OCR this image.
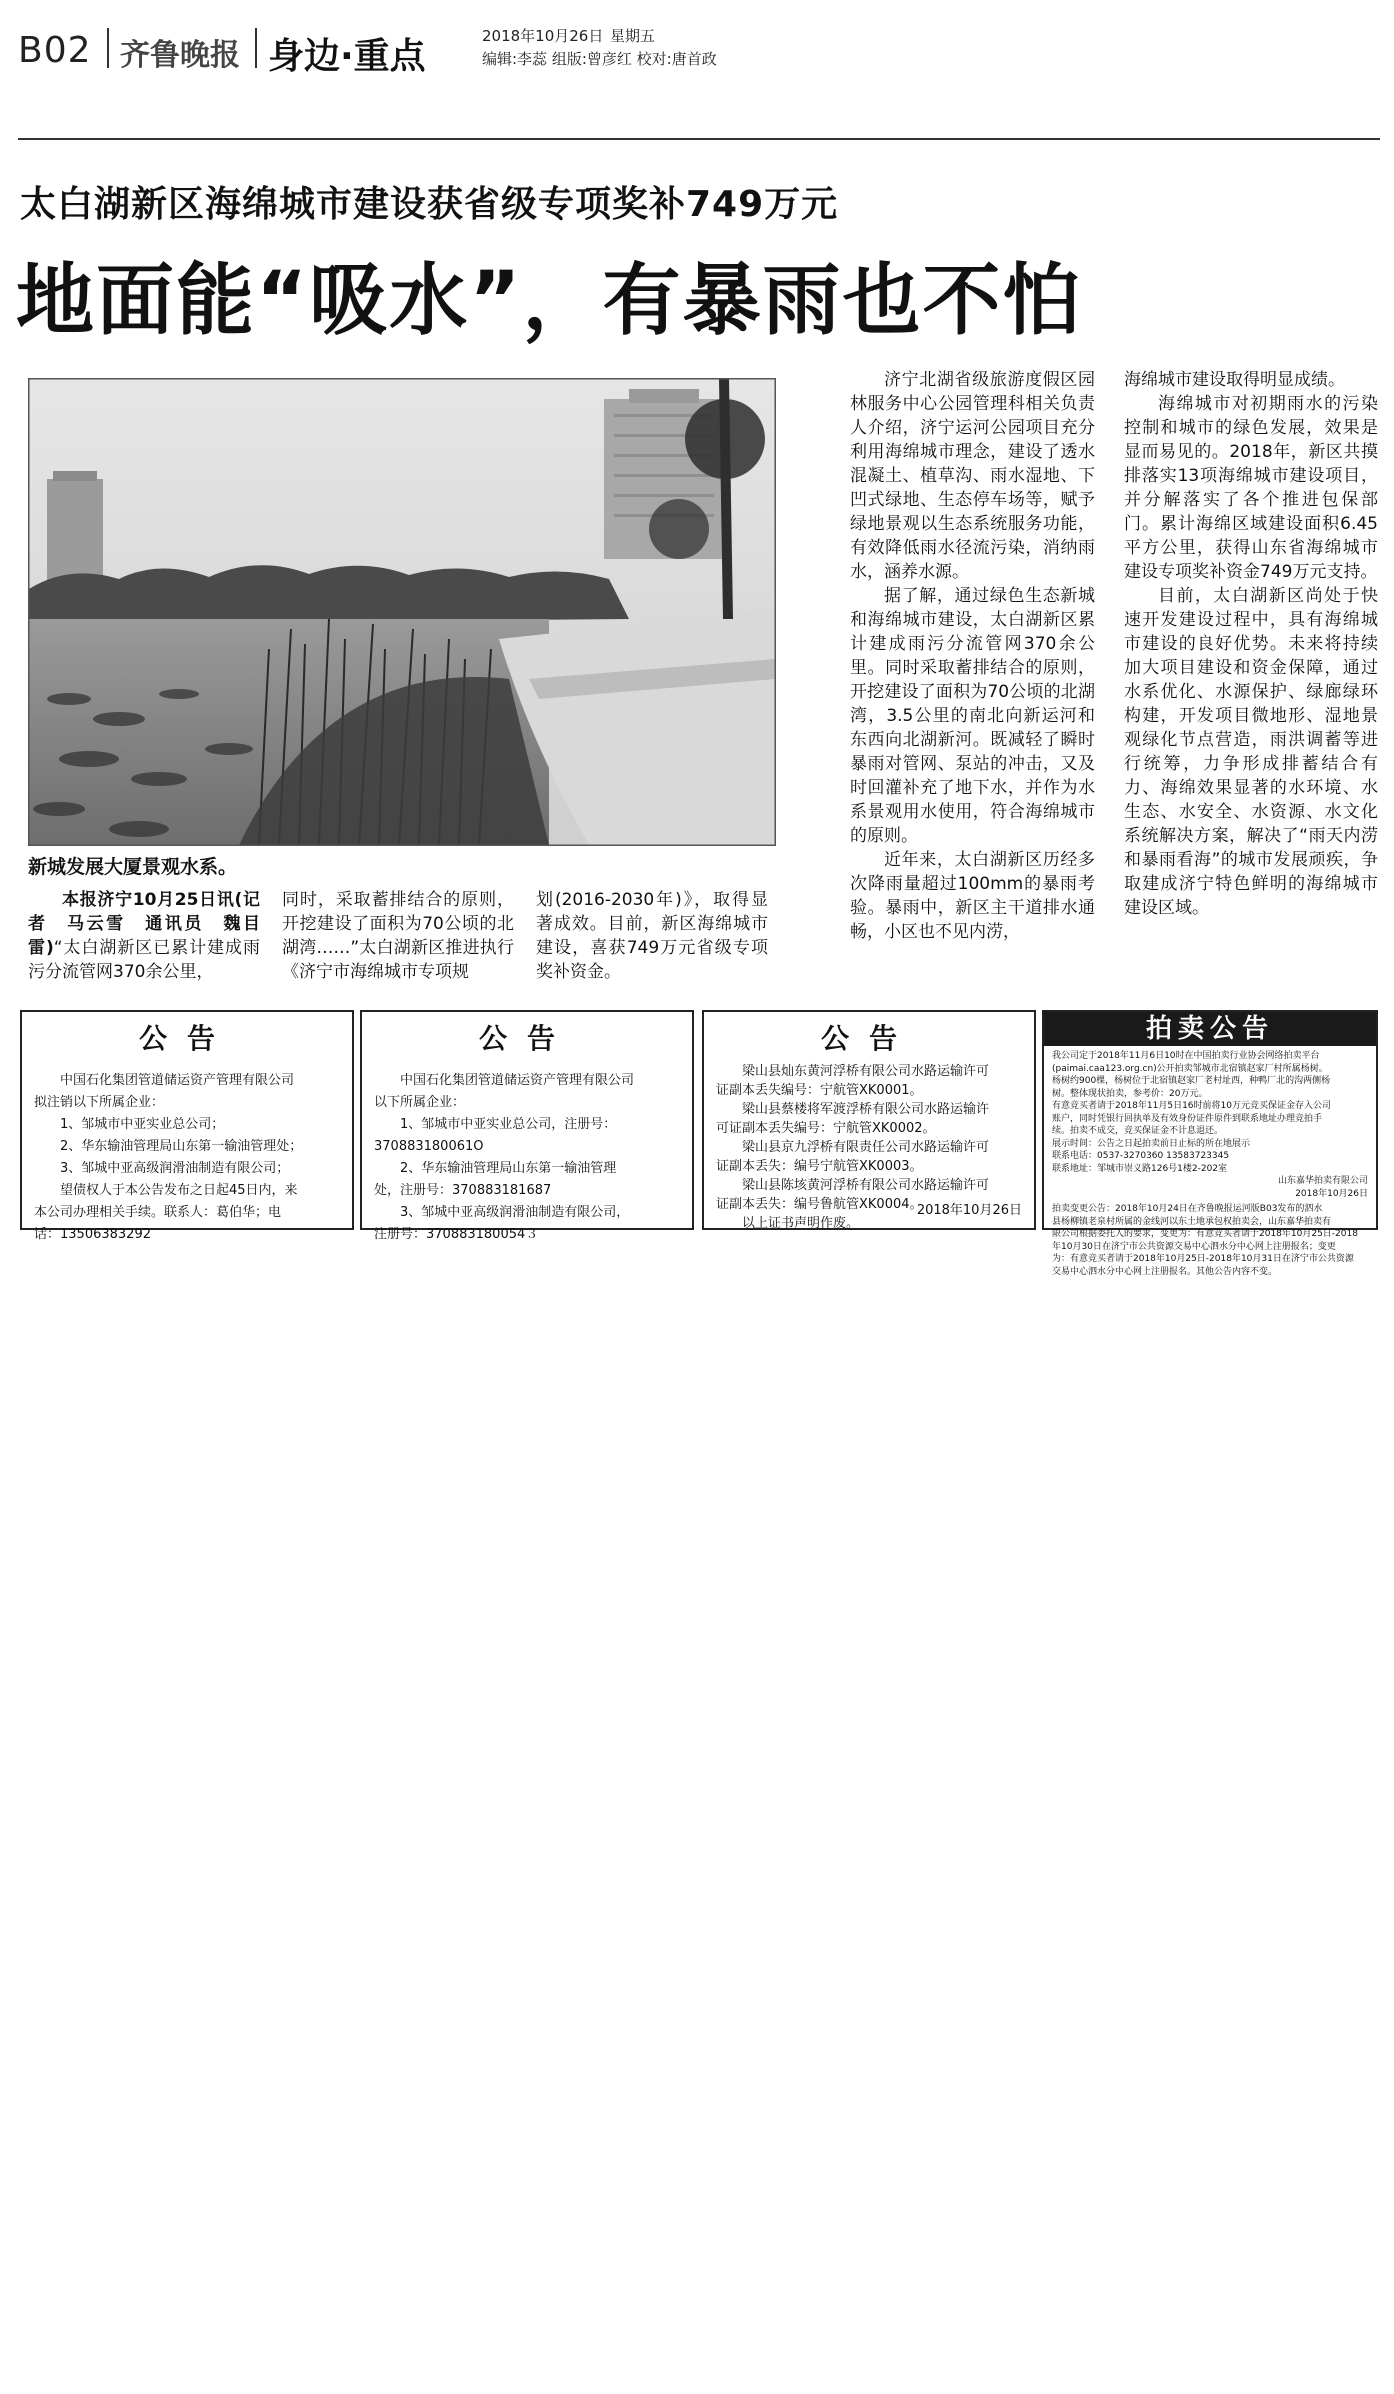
B02 齐鲁晚报 身边·重点	2018年10月26日 星期五
编辑:李蕊 组版:曾彦红 校对:唐首政
太白湖新区海绵城市建设获省级专项奖补749万元
地面能“吸水”，有暴雨也不怕
新城发展大厦景观水系。

本报济宁10月25日讯(记者　马云雪　通讯员　魏目雷)“太白湖新区已累计建成雨污分流管网370余公里，

同时，采取蓄排结合的原则，开挖建设了面积为70公顷的北湖湾……”太白湖新区推进执行《济宁市海绵城市专项规

划(2016-2030年)》，取得显著成效。目前，新区海绵城市建设，喜获749万元省级专项奖补资金。

济宁北湖省级旅游度假区园林服务中心公园管理科相关负责人介绍，济宁运河公园项目充分利用海绵城市理念，建设了透水混凝土、植草沟、雨水湿地、下凹式绿地、生态停车场等，赋予绿地景观以生态系统服务功能，有效降低雨水径流污染，消纳雨水，涵养水源。

据了解，通过绿色生态新城和海绵城市建设，太白湖新区累计建成雨污分流管网370余公里。同时采取蓄排结合的原则，开挖建设了面积为70公顷的北湖湾，3.5公里的南北向新运河和东西向北湖新河。既减轻了瞬时暴雨对管网、泵站的冲击，又及时回灌补充了地下水，并作为水系景观用水使用，符合海绵城市的原则。

近年来，太白湖新区历经多次降雨量超过100mm的暴雨考验。暴雨中，新区主干道排水通畅，小区也不见内涝，

海绵城市建设取得明显成绩。

海绵城市对初期雨水的污染控制和城市的绿色发展，效果是显而易见的。2018年，新区共摸排落实13项海绵城市建设项目，并分解落实了各个推进包保部门。累计海绵区域建设面积6.45平方公里，获得山东省海绵城市建设专项奖补资金749万元支持。

目前，太白湖新区尚处于快速开发建设过程中，具有海绵城市建设的良好优势。未来将持续加大项目建设和资金保障，通过水系优化、水源保护、绿廊绿环构建，开发项目微地形、湿地景观绿化节点营造，雨洪调蓄等进行统筹，力争形成排蓄结合有力、海绵效果显著的水环境、水生态、水安全、水资源、水文化系统解决方案，解决了“雨天内涝和暴雨看海”的城市发展顽疾，争取建成济宁特色鲜明的海绵城市建设区域。

公告
中国石化集团管道储运资产管理有限公司
拟注销以下所属企业：
1、邹城市中亚实业总公司；
2、华东输油管理局山东第一输油管理处；
3、邹城中亚高级润滑油制造有限公司；
望债权人于本公告发布之日起45日内，来
本公司办理相关手续。联系人：葛伯华；电
话：13506383292
公告
中国石化集团管道储运资产管理有限公司
以下所属企业：
1、邹城市中亚实业总公司，注册号：
370883180061O
2、华东输油管理局山东第一输油管理
处，注册号：370883181687
3、邹城中亚高级润滑油制造有限公司，
注册号：370883180054３
公告
梁山县灿东黄河浮桥有限公司水路运输许可
证副本丢失编号：宁航管XK0001。
梁山县蔡楼将军渡浮桥有限公司水路运输许
可证副本丢失编号：宁航管XK0002。
梁山县京九浮桥有限责任公司水路运输许可
证副本丢失：编号宁航管XK0003。
梁山县陈垓黄河浮桥有限公司水路运输许可
证副本丢失：编号鲁航管XK0004。
以上证书声明作废。
2018年10月26日
拍卖公告
我公司定于2018年11月6日10时在中国拍卖行业协会网络拍卖平台
(paimai.caa123.org.cn)公开拍卖邹城市北宿镇赵家厂村所属杨树。
杨树约900棵，杨树位于北宿镇赵家厂老村址西，种鸭厂北的沟两侧杨
树。整体现状拍卖，参考价：20万元。
有意竞买者请于2018年11月5日16时前将10万元竞买保证金存入公司
账户，同时凭银行回执单及有效身份证件原件到联系地址办理竞拍手
续。拍卖不成交，竞买保证金不计息退还。
展示时间：公告之日起拍卖前日止标的所在地展示
联系电话：0537-3270360 13583723345
联系地址：邹城市崇义路126号1楼2-202室
山东嘉华拍卖有限公司
2018年10月26日
拍卖变更公告：2018年10月24日在齐鲁晚报运河版B03发布的泗水
县杨柳镇老泉村所属的金线河以东土地承包权拍卖会，山东嘉华拍卖有
限公司根据委托人的要求，变更为：有意竞买者请于2018年10月25日-2018
年10月30日在济宁市公共资源交易中心泗水分中心网上注册报名；变更
为：有意竞买者请于2018年10月25日-2018年10月31日在济宁市公共资源
交易中心泗水分中心网上注册报名。其他公告内容不变。
